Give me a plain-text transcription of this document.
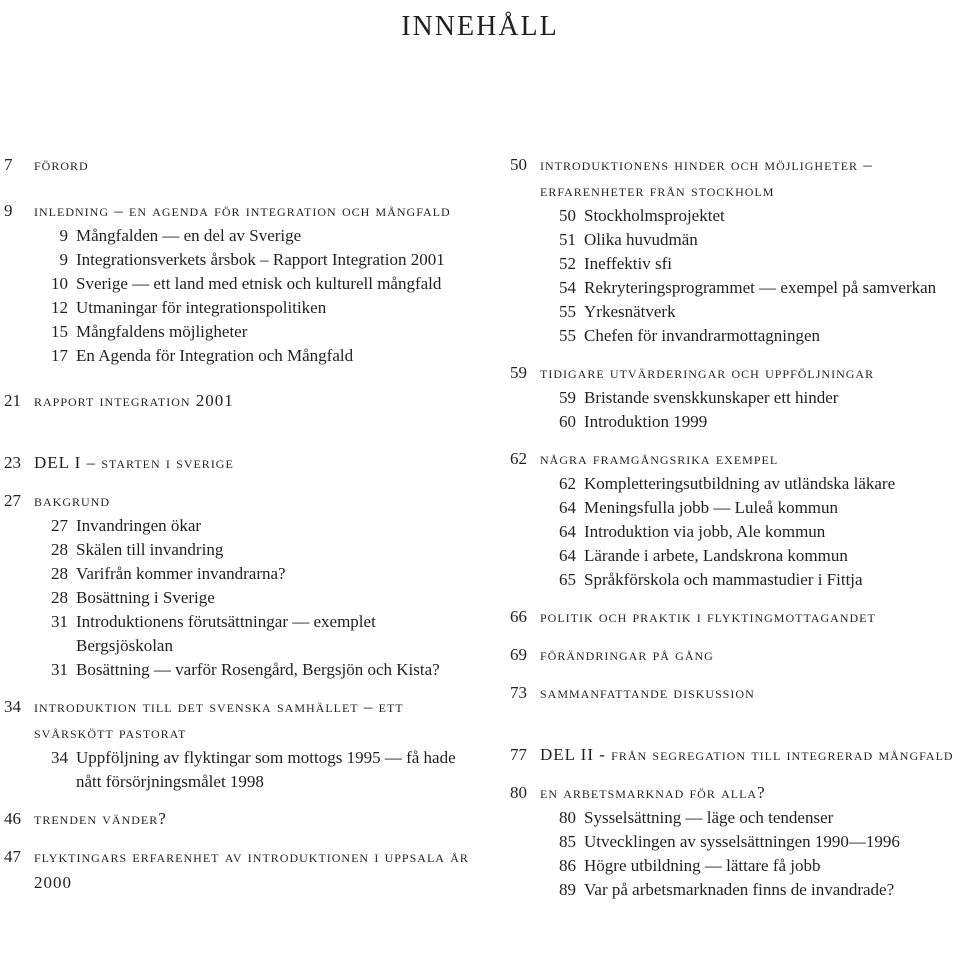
innehåll
7 förord
9 inledning – en agenda för integration och mångfald
9 Mångfalden — en del av Sverige
9 Integrationsverkets årsbok – Rapport Integration 2001
10 Sverige — ett land med etnisk och kulturell mångfald
12 Utmaningar för integrationspolitiken
15 Mångfaldens möjligheter
17 En Agenda för Integration och Mångfald
21 rapport integration 2001
23 DEL I – starten i sverige
27 bakgrund
27 Invandringen ökar
28 Skälen till invandring
28 Varifrån kommer invandrarna?
28 Bosättning i Sverige
31 Introduktionens förutsättningar — exemplet Bergsjöskolan
31 Bosättning — varför Rosengård, Bergsjön och Kista?
34 introduktion till det svenska samhället – ett svårskött pastorat
34 Uppföljning av flyktingar som mottogs 1995 — få hade nått försörjningsmålet 1998
46 trenden vänder?
47 flyktingars erfarenhet av introduktionen i uppsala år 2000
50 introduktionens hinder och möjligheter – erfarenheter från stockholm
50 Stockholmsprojektet
51 Olika huvudmän
52 Ineffektiv sfi
54 Rekryteringsprogrammet — exempel på samverkan
55 Yrkesnätverk
55 Chefen för invandrarmottagningen
59 tidigare utvärderingar och uppföljningar
59 Bristande svenskkunskaper ett hinder
60 Introduktion 1999
62 några framgångsrika exempel
62 Kompletteringsutbildning av utländska läkare
64 Meningsfulla jobb — Luleå kommun
64 Introduktion via jobb, Ale kommun
64 Lärande i arbete, Landskrona kommun
65 Språkförskola och mammastudier i Fittja
66 politik och praktik i flyktingmottagandet
69 förändringar på gång
73 sammanfattande diskussion
77 DEL II - från segregation till integrerad mångfald
80 en arbetsmarknad för alla?
80 Sysselsättning — läge och tendenser
85 Utvecklingen av sysselsättningen 1990—1996
86 Högre utbildning — lättare få jobb
89 Var på arbetsmarknaden finns de invandrade?
